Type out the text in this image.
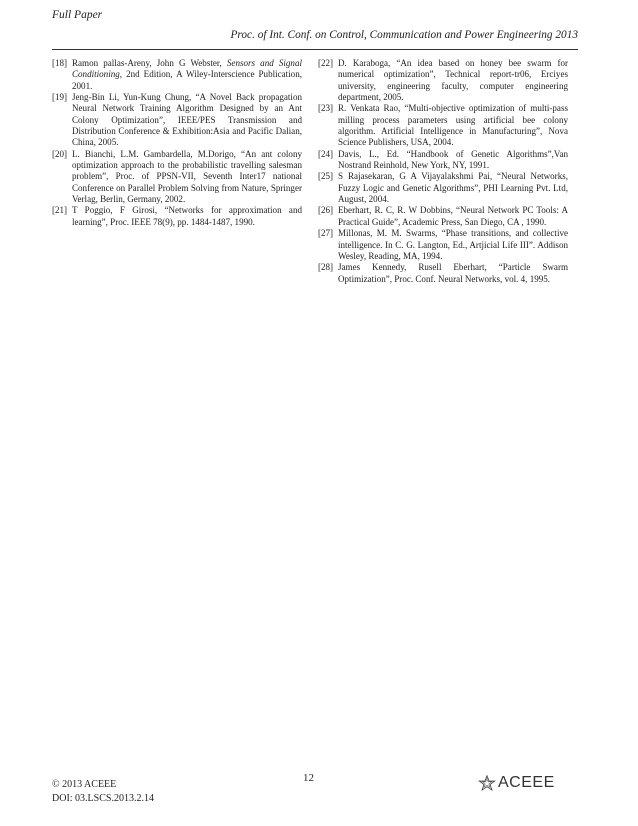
Full Paper
Proc. of Int. Conf. on Control, Communication and Power Engineering 2013
[18] Ramon pallas-Areny, John G Webster, Sensors and Signal Conditioning, 2nd Edition, A Wiley-Interscience Publication, 2001.
[19] Jeng-Bin Li, Yun-Kung Chung, “A Novel Back propagation Neural Network Training Algorithm Designed by an Ant Colony Optimization”, IEEE/PES Transmission and Distribution Conference & Exhibition:Asia and Pacific Dalian, China, 2005.
[20] L. Bianchi, L.M. Gambardella, M.Dorigo, “An ant colony optimization approach to the probabilistic travelling salesman problem”, Proc. of PPSN-VII, Seventh Inter17 national Conference on Parallel Problem Solving from Nature, Springer Verlag, Berlin, Germany, 2002.
[21] T Poggio, F Girosi, “Networks for approximation and learning”, Proc. IEEE 78(9), pp. 1484-1487, 1990.
[22] D. Karaboga, “An idea based on honey bee swarm for numerical optimization”, Technical report-tr06, Erciyes university, engineering faculty, computer engineering department, 2005.
[23] R. Venkata Rao, “Multi-objective optimization of multi-pass milling process parameters using artificial bee colony algorithm. Artificial Intelligence in Manufacturing”, Nova Science Publishers, USA, 2004.
[24] Davis, L., Ed. “Handbook of Genetic Algorithms”,Van Nostrand Reinhold, New York, NY, 1991.
[25] S Rajasekaran, G A Vijayalakshmi Pai, “Neural Networks, Fuzzy Logic and Genetic Algorithms”, PHI Learning Pvt. Ltd, August, 2004.
[26] Eberhart, R. C, R. W Dobbins, “Neural Network PC Tools: A Practical Guide”, Academic Press, San Diego, CA , 1990.
[27] Millonas, M. M. Swarms, “Phase transitions, and collective intelligence. In C. G. Langton, Ed., Artjicial Life III”. Addison Wesley, Reading, MA, 1994.
[28] James Kennedy, Rusell Eberhart, “Particle Swarm Optimization”, Proc. Conf. Neural Networks, vol. 4, 1995.
© 2013 ACEEE
DOI: 03.LSCS.2013.2.14
12	ACEEE
